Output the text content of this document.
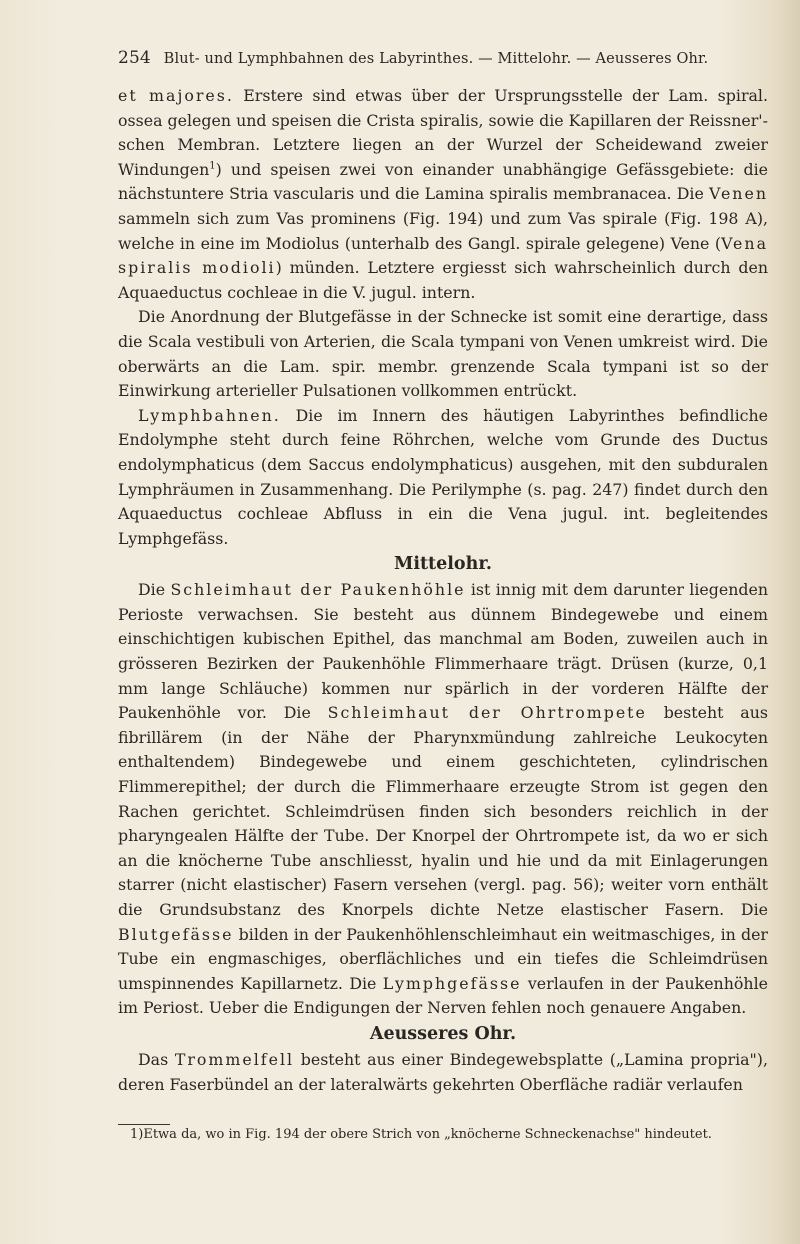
254 Blut- und Lymphbahnen des Labyrinthes. — Mittelohr. — Aeusseres Ohr.

et majores. Erstere sind etwas über der Ursprungsstelle der Lam. spiral. ossea gelegen und speisen die Crista spiralis, sowie die Kapillaren der Reissner'-schen Membran. Letztere liegen an der Wurzel der Scheidewand zweier Windungen$^1$) und speisen zwei von einander unabhängige Gefässgebiete: die nächstuntere Stria vascularis und die Lamina spiralis membranacea. Die Venen sammeln sich zum Vas prominens (Fig. 194) und zum Vas spirale (Fig. 198 A), welche in eine im Modiolus (unterhalb des Gangl. spirale gelegene) Vene (Vena spiralis modioli) münden. Letztere ergiesst sich wahrscheinlich durch den Aquaeductus cochleae in die V. jugul. intern.

Die Anordnung der Blutgefässe in der Schnecke ist somit eine derartige, dass die Scala vestibuli von Arterien, die Scala tympani von Venen umkreist wird. Die oberwärts an die Lam. spir. membr. grenzende Scala tympani ist so der Einwirkung arterieller Pulsationen vollkommen entrückt.

Lymphbahnen. Die im Innern des häutigen Labyrinthes befindliche Endolymphe steht durch feine Röhrchen, welche vom Grunde des Ductus endolymphaticus (dem Saccus endolymphaticus) ausgehen, mit den subduralen Lymphräumen in Zusammenhang. Die Perilymphe (s. pag. 247) findet durch den Aquaeductus cochleae Abfluss in ein die Vena jugul. int. begleitendes Lymphgefäss.

Mittelohr.

Die Schleimhaut der Paukenhöhle ist innig mit dem darunter liegenden Perioste verwachsen. Sie besteht aus dünnem Bindegewebe und einem einschichtigen kubischen Epithel, das manchmal am Boden, zuweilen auch in grösseren Bezirken der Paukenhöhle Flimmerhaare trägt. Drüsen (kurze, 0,1 mm lange Schläuche) kommen nur spärlich in der vorderen Hälfte der Paukenhöhle vor. Die Schleimhaut der Ohrtrompete besteht aus fibrillärem (in der Nähe der Pharynxmündung zahlreiche Leukocyten enthaltendem) Bindegewebe und einem geschichteten, cylindrischen Flimmerepithel; der durch die Flimmerhaare erzeugte Strom ist gegen den Rachen gerichtet. Schleimdrüsen finden sich besonders reichlich in der pharyngealen Hälfte der Tube. Der Knorpel der Ohrtrompete ist, da wo er sich an die knöcherne Tube anschliesst, hyalin und hie und da mit Einlagerungen starrer (nicht elastischer) Fasern versehen (vergl. pag. 56); weiter vorn enthält die Grundsubstanz des Knorpels dichte Netze elastischer Fasern. Die Blutgefässe bilden in der Paukenhöhlenschleimhaut ein weitmaschiges, in der Tube ein engmaschiges, oberflächliches und ein tiefes die Schleimdrüsen umspinnendes Kapillarnetz. Die Lymphgefässe verlaufen in der Paukenhöhle im Periost. Ueber die Endigungen der Nerven fehlen noch genauere Angaben.

Aeusseres Ohr.

Das Trommelfell besteht aus einer Bindegewebsplatte („Lamina propria"), deren Faserbündel an der lateralwärts gekehrten Oberfläche radiär verlaufen

1)Etwa da, wo in Fig. 194 der obere Strich von „knöcherne Schneckenachse" hindeutet.
